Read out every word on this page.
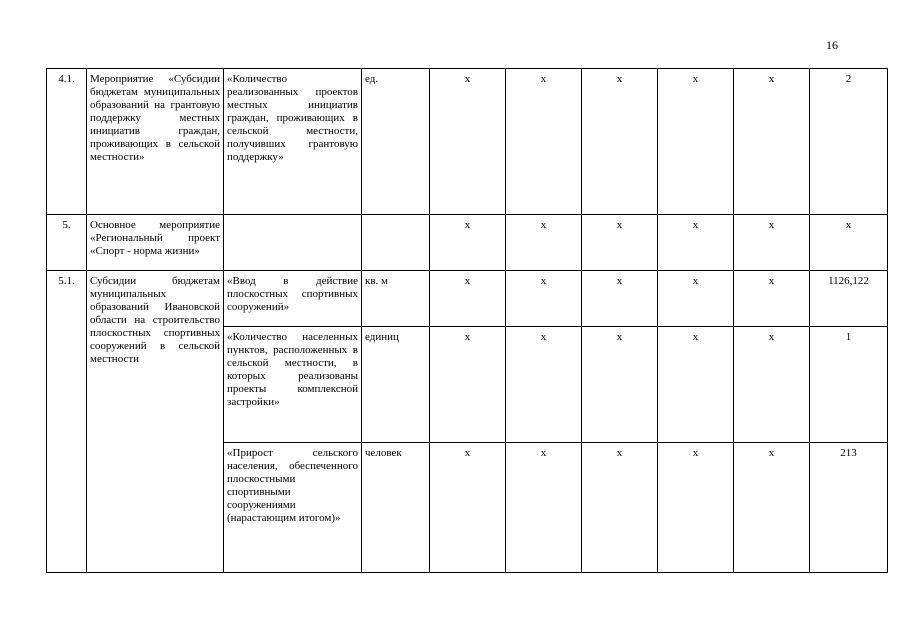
16
4.1.	Мероприятие «Субсидии бюджетам муниципальных образований на грантовую поддержку местных инициатив граждан, проживающих в сельской местности»	«Количество реализованных проектов местных инициатив граждан, проживающих в сельской местности, получивших грантовую поддержку»	ед.	х	х	х	х	х	2
5.	Основное мероприятие «Региональный проект «Спорт - норма жизни»			х	х	х	х	х	х
5.1.	Субсидии бюджетам муниципальных образований Ивановской области на строительство плоскостных спортивных сооружений в сельской местности	«Ввод в действие плоскостных спортивных сооружений»	кв. м	х	х	х	х	х	1126,122
		«Количество населенных пунктов, расположенных в сельской местности, в которых реализованы проекты комплексной застройки»	единиц	х	х	х	х	х	1
		«Прирост сельского населения, обеспеченного плоскостными спортивными сооружениями (нарастающим итогом)»	человек	х	х	х	х	х	213
